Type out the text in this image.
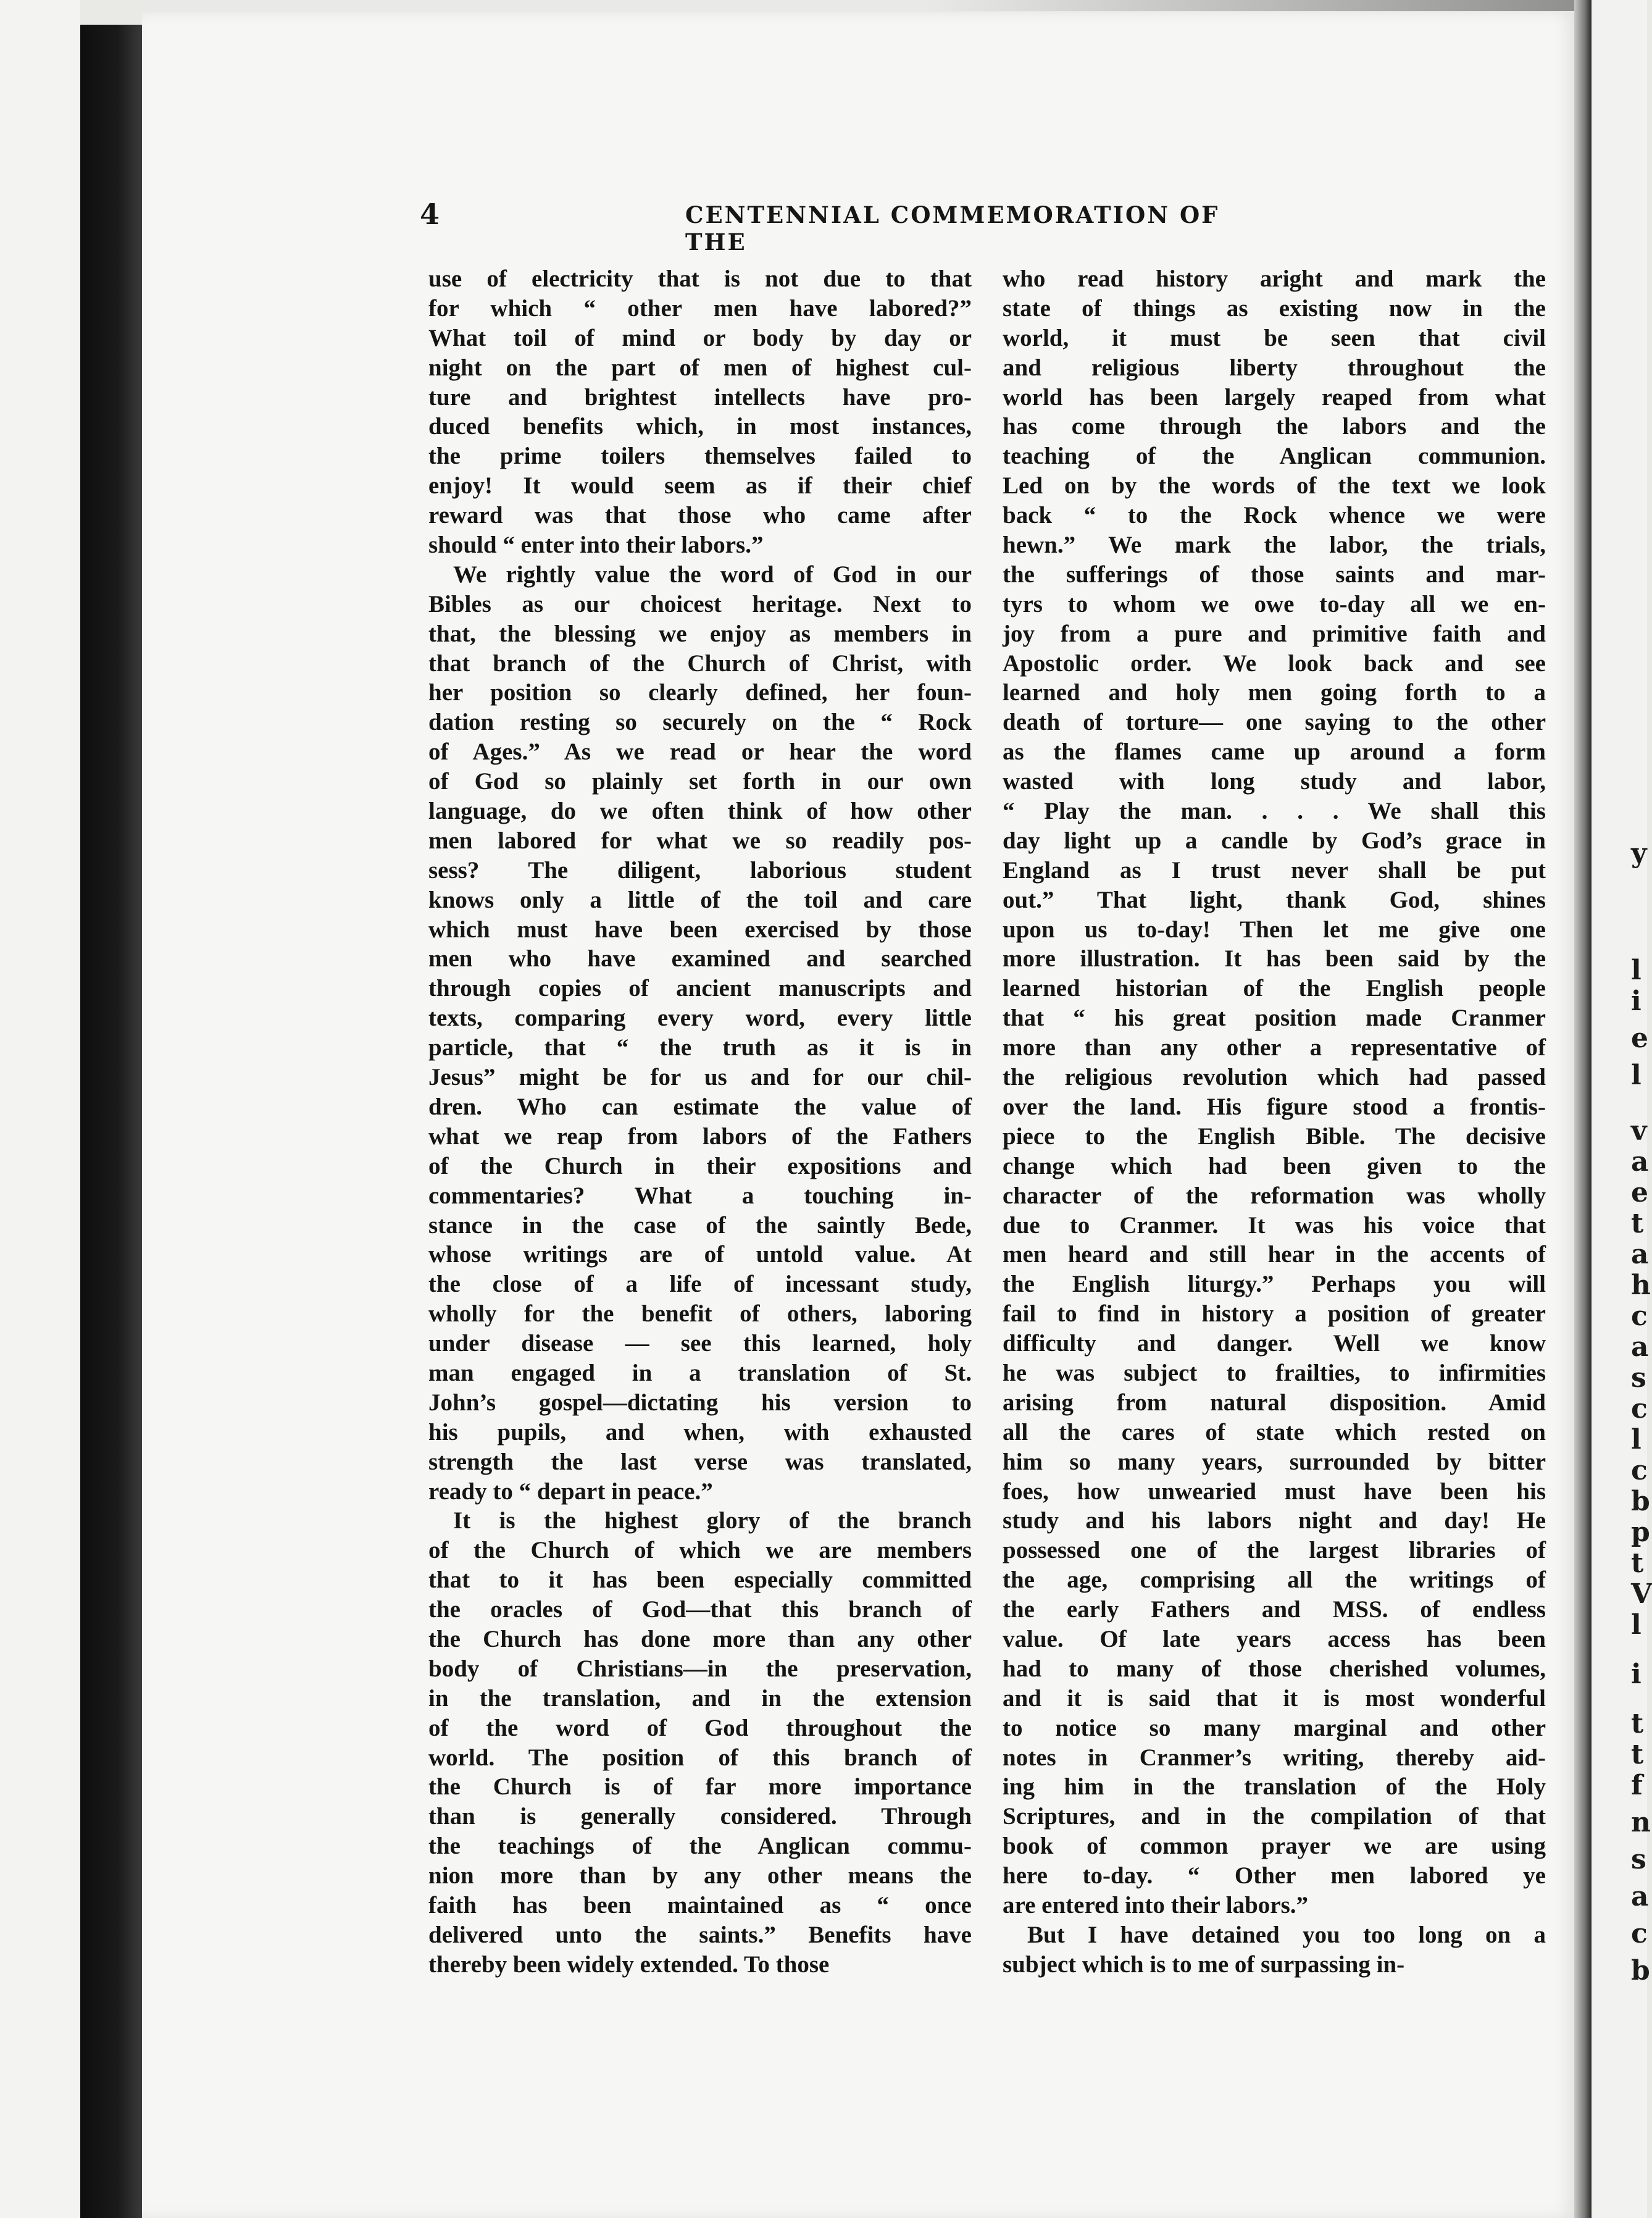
y
l
i
e
l
v
a
e
t
a
h
c
a
s
c
l
c
b
p
t
V
l
i
t
t
f
n
s
a
c
b
4	CENTENNIAL COMMEMORATION OF THE
use of electricity that is not due to that
for which “ other men have labored?”
What toil of mind or body by day or
night on the part of men of highest cul-
ture and brightest intellects have pro-
duced benefits which, in most instances,
the prime toilers themselves failed to
enjoy! It would seem as if their chief
reward was that those who came after
should “ enter into their labors.”
We rightly value the word of God in our
Bibles as our choicest heritage. Next to
that, the blessing we enjoy as members in
that branch of the Church of Christ, with
her position so clearly defined, her foun-
dation resting so securely on the “ Rock
of Ages.” As we read or hear the word
of God so plainly set forth in our own
language, do we often think of how other
men labored for what we so readily pos-
sess? The diligent, laborious student
knows only a little of the toil and care
which must have been exercised by those
men who have examined and searched
through copies of ancient manuscripts and
texts, comparing every word, every little
particle, that “ the truth as it is in
Jesus” might be for us and for our chil-
dren. Who can estimate the value of
what we reap from labors of the Fathers
of the Church in their expositions and
commentaries? What a touching in-
stance in the case of the saintly Bede,
whose writings are of untold value. At
the close of a life of incessant study,
wholly for the benefit of others, laboring
under disease — see this learned, holy
man engaged in a translation of St.
John’s gospel—dictating his version to
his pupils, and when, with exhausted
strength the last verse was translated,
ready to “ depart in peace.”
It is the highest glory of the branch
of the Church of which we are members
that to it has been especially committed
the oracles of God—that this branch of
the Church has done more than any other
body of Christians—in the preservation,
in the translation, and in the extension
of the word of God throughout the
world. The position of this branch of
the Church is of far more importance
than is generally considered. Through
the teachings of the Anglican commu-
nion more than by any other means the
faith has been maintained as “ once
delivered unto the saints.” Benefits have
thereby been widely extended. To those
who read history aright and mark the
state of things as existing now in the
world, it must be seen that civil
and religious liberty throughout the
world has been largely reaped from what
has come through the labors and the
teaching of the Anglican communion.
Led on by the words of the text we look
back “ to the Rock whence we were
hewn.” We mark the labor, the trials,
the sufferings of those saints and mar-
tyrs to whom we owe to-day all we en-
joy from a pure and primitive faith and
Apostolic order. We look back and see
learned and holy men going forth to a
death of torture— one saying to the other
as the flames came up around a form
wasted with long study and labor,
“ Play the man. . . . We shall this
day light up a candle by God’s grace in
England as I trust never shall be put
out.” That light, thank God, shines
upon us to-day! Then let me give one
more illustration. It has been said by the
learned historian of the English people
that “ his great position made Cranmer
more than any other a representative of
the religious revolution which had passed
over the land. His figure stood a frontis-
piece to the English Bible. The decisive
change which had been given to the
character of the reformation was wholly
due to Cranmer. It was his voice that
men heard and still hear in the accents of
the English liturgy.” Perhaps you will
fail to find in history a position of greater
difficulty and danger. Well we know
he was subject to frailties, to infirmities
arising from natural disposition. Amid
all the cares of state which rested on
him so many years, surrounded by bitter
foes, how unwearied must have been his
study and his labors night and day! He
possessed one of the largest libraries of
the age, comprising all the writings of
the early Fathers and MSS. of endless
value. Of late years access has been
had to many of those cherished volumes,
and it is said that it is most wonderful
to notice so many marginal and other
notes in Cranmer’s writing, thereby aid-
ing him in the translation of the Holy
Scriptures, and in the compilation of that
book of common prayer we are using
here to-day. “ Other men labored ye
are entered into their labors.”
But I have detained you too long on a
subject which is to me of surpassing in-
